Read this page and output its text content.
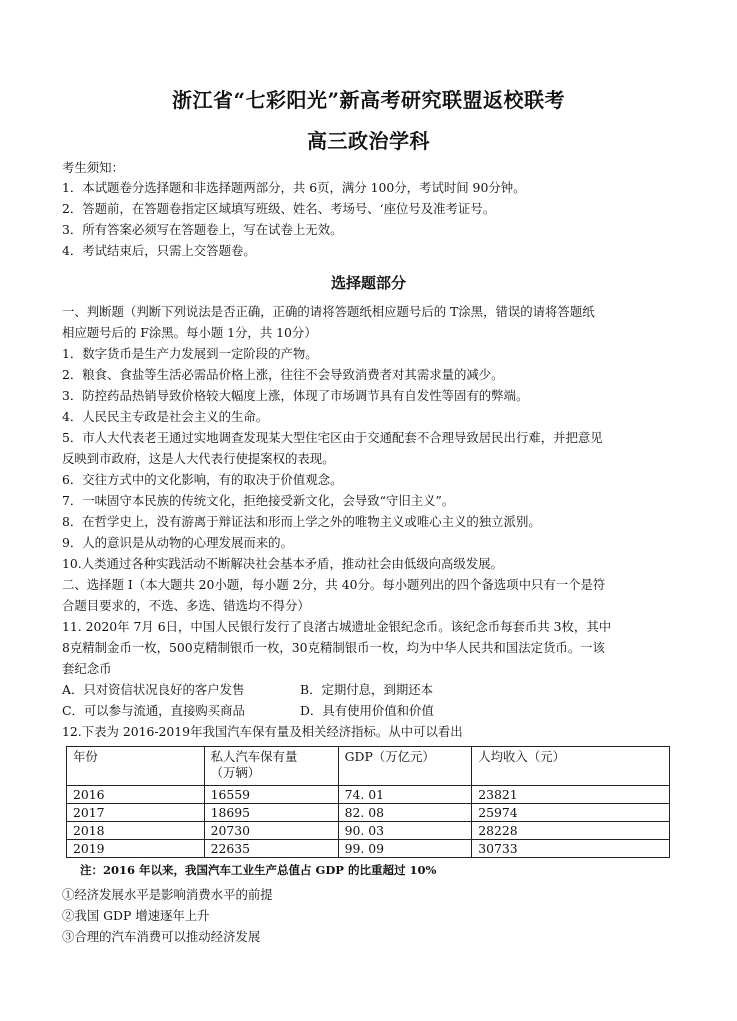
浙江省“七彩阳光”新高考研究联盟返校联考
高三政治学科
考生须知：
1．本试题卷分选择题和非选择题两部分，共 6页，满分 100分，考试时间 90分钟。
2．答题前，在答题卷指定区域填写班级、姓名、考场号、‘座位号及准考证号。
3．所有答案必须写在答题卷上，写在试卷上无效。
4．考试结束后，只需上交答题卷。
选择题部分
一、判断题（判断下列说法是否正确，正确的请将答题纸相应题号后的 T涂黑，错误的请将答题纸
相应题号后的 F涂黑。每小题 1分，共 10分）
1．数字货币是生产力发展到一定阶段的产物。
2．粮食、食盐等生活必需品价格上涨，往往不会导致消费者对其需求量的减少。
3．防控药品热销导致价格较大幅度上涨，体现了市场调节具有自发性等固有的弊端。
4．人民民主专政是社会主义的生命。
5．市人大代表老王通过实地调查发现某大型住宅区由于交通配套不合理导致居民出行难，并把意见
反映到市政府，这是人大代表行使提案权的表现。
6．交往方式中的文化影响，有的取决于价值观念。
7．一味固守本民族的传统文化，拒绝接受新文化，会导致“守旧主义”。
8．在哲学史上，没有游离于辩证法和形而上学之外的唯物主义或唯心主义的独立派别。
9．人的意识是从动物的心理发展而来的。
10.人类通过各种实践活动不断解决社会基本矛盾，推动社会由低级向高级发展。
二、选择题 I（本大题共 20小题，每小题 2分，共 40分。每小题列出的四个备选项中只有一个是符
合题目要求的，不选、多选、错选均不得分）
11. 2020年 7月 6日，中国人民银行发行了良渚古城遗址金银纪念币。该纪念币每套币共 3枚，其中
8克精制金币一枚，500克精制银币一枚，30克精制银币一枚，均为中华人民共和国法定货币。一该
套纪念币
A．只对资信状况良好的客户发售	B．定期付息，到期还本
C．可以参与流通，直接购买商品	D．具有使用价值和价值
12.下表为 2016-2019年我国汽车保有量及相关经济指标。从中可以看出
年份	私人汽车保有量
（万辆）	GDP（万亿元）	人均收入（元）
2016	16559	74. 01	23821
2017	18695	82. 08	25974
2018	20730	90. 03	28228
2019	22635	99. 09	30733
注：2016 年以来，我国汽车工业生产总值占 GDP 的比重超过 10%
①经济发展水平是影响消费水平的前提
②我国 GDP 增速逐年上升
③合理的汽车消费可以推动经济发展
